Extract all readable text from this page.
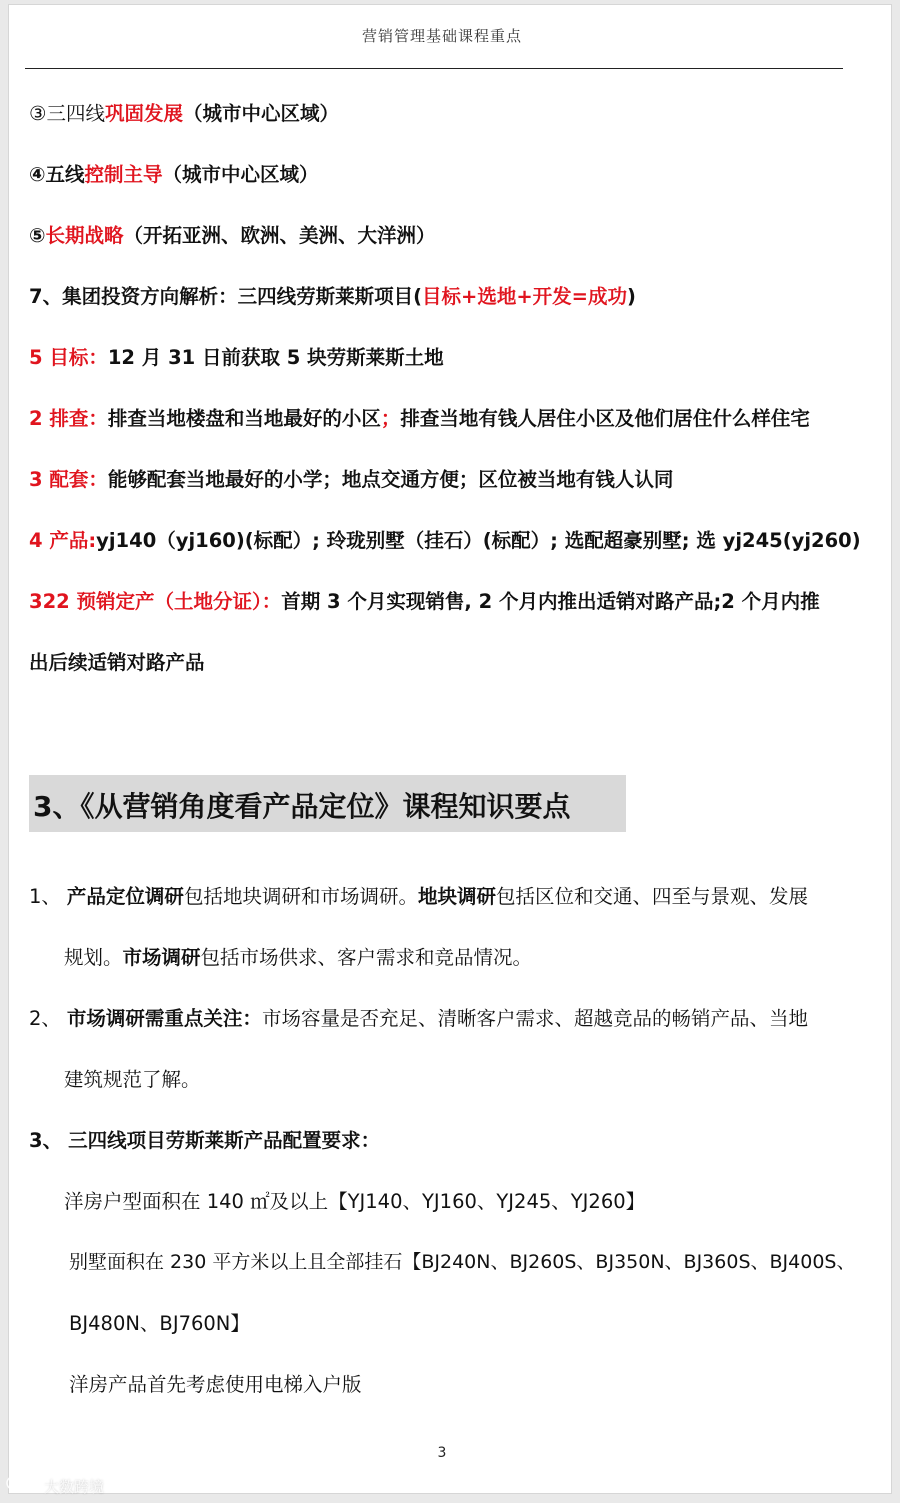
营销管理基础课程重点
③三四线巩固发展（城市中心区域）
④五线控制主导（城市中心区域）
⑤长期战略（开拓亚洲、欧洲、美洲、大洋洲）
7、集团投资方向解析：三四线劳斯莱斯项目(目标+选地+开发=成功)
5 目标：12 月 31 日前获取 5 块劳斯莱斯土地
2 排查：排查当地楼盘和当地最好的小区；排查当地有钱人居住小区及他们居住什么样住宅
3 配套：能够配套当地最好的小学；地点交通方便；区位被当地有钱人认同
4 产品:yj140（yj160)(标配）; 玲珑别墅（挂石）(标配）; 选配超豪别墅; 选 yj245(yj260)
322 预销定产（土地分证）：首期 3 个月实现销售, 2 个月内推出适销对路产品;2 个月内推
出后续适销对路产品
3、《从营销角度看产品定位》课程知识要点
1、 产品定位调研包括地块调研和市场调研。地块调研包括区位和交通、四至与景观、发展
规划。市场调研包括市场供求、客户需求和竞品情况。
2、 市场调研需重点关注：市场容量是否充足、清晰客户需求、超越竞品的畅销产品、当地
建筑规范了解。
3、 三四线项目劳斯莱斯产品配置要求：
洋房户型面积在 140 ㎡及以上【YJ140、YJ160、YJ245、YJ260】
别墅面积在 230 平方米以上且全部挂石【BJ240N、BJ260S、BJ350N、BJ360S、BJ400S、
BJ480N、BJ760N】
洋房产品首先考虑使用电梯入户版
3
大数跨境
